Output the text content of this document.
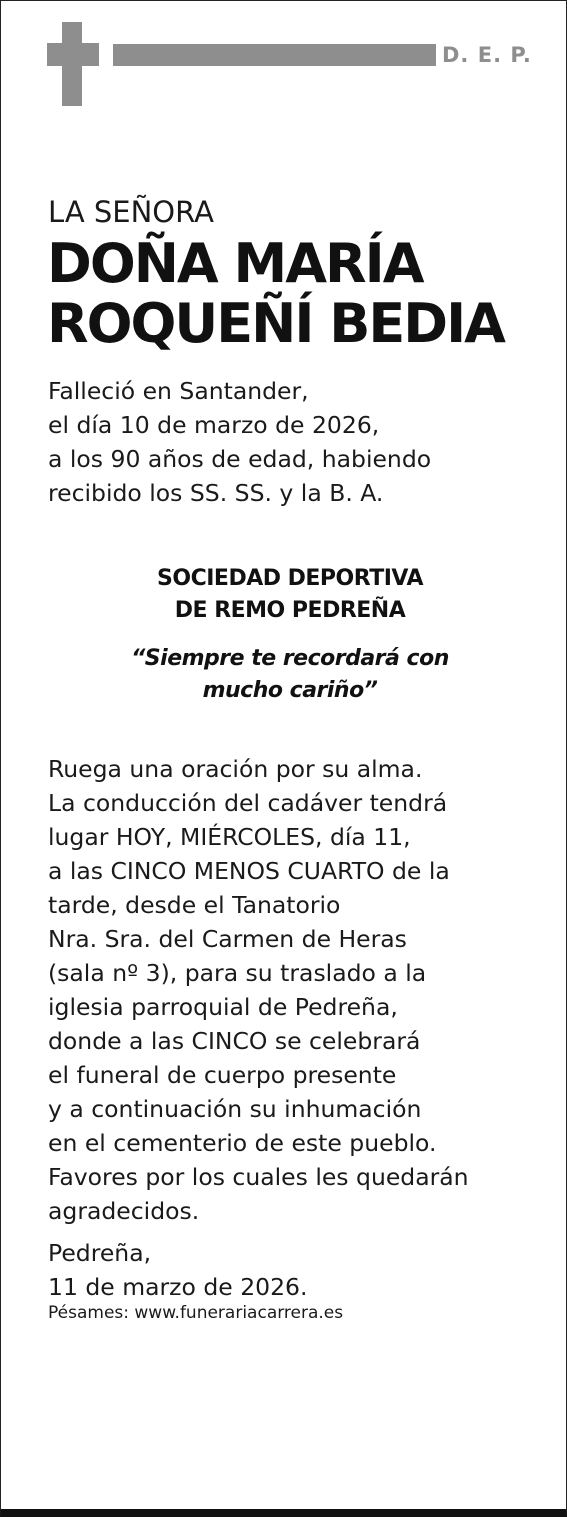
D. E. P.
LA SEÑORA
DOÑA MARÍA
ROQUEÑÍ BEDIA
Falleció en Santander,
el día 10 de marzo de 2026,
a los 90 años de edad, habiendo
recibido los SS. SS. y la B. A.
SOCIEDAD DEPORTIVA
DE REMO PEDREÑA
“Siempre te recordará con
mucho cariño”
Ruega una oración por su alma.
La conducción del cadáver tendrá
lugar HOY, MIÉRCOLES, día 11,
a las CINCO MENOS CUARTO de la
tarde, desde el Tanatorio
Nra. Sra. del Carmen de Heras
(sala nº 3), para su traslado a la
iglesia parroquial de Pedreña,
donde a las CINCO se celebrará
el funeral de cuerpo presente
y a continuación su inhumación
en el cementerio de este pueblo.
Favores por los cuales les quedarán
agradecidos.
Pedreña,
11 de marzo de 2026.
Pésames: www.funerariacarrera.es
